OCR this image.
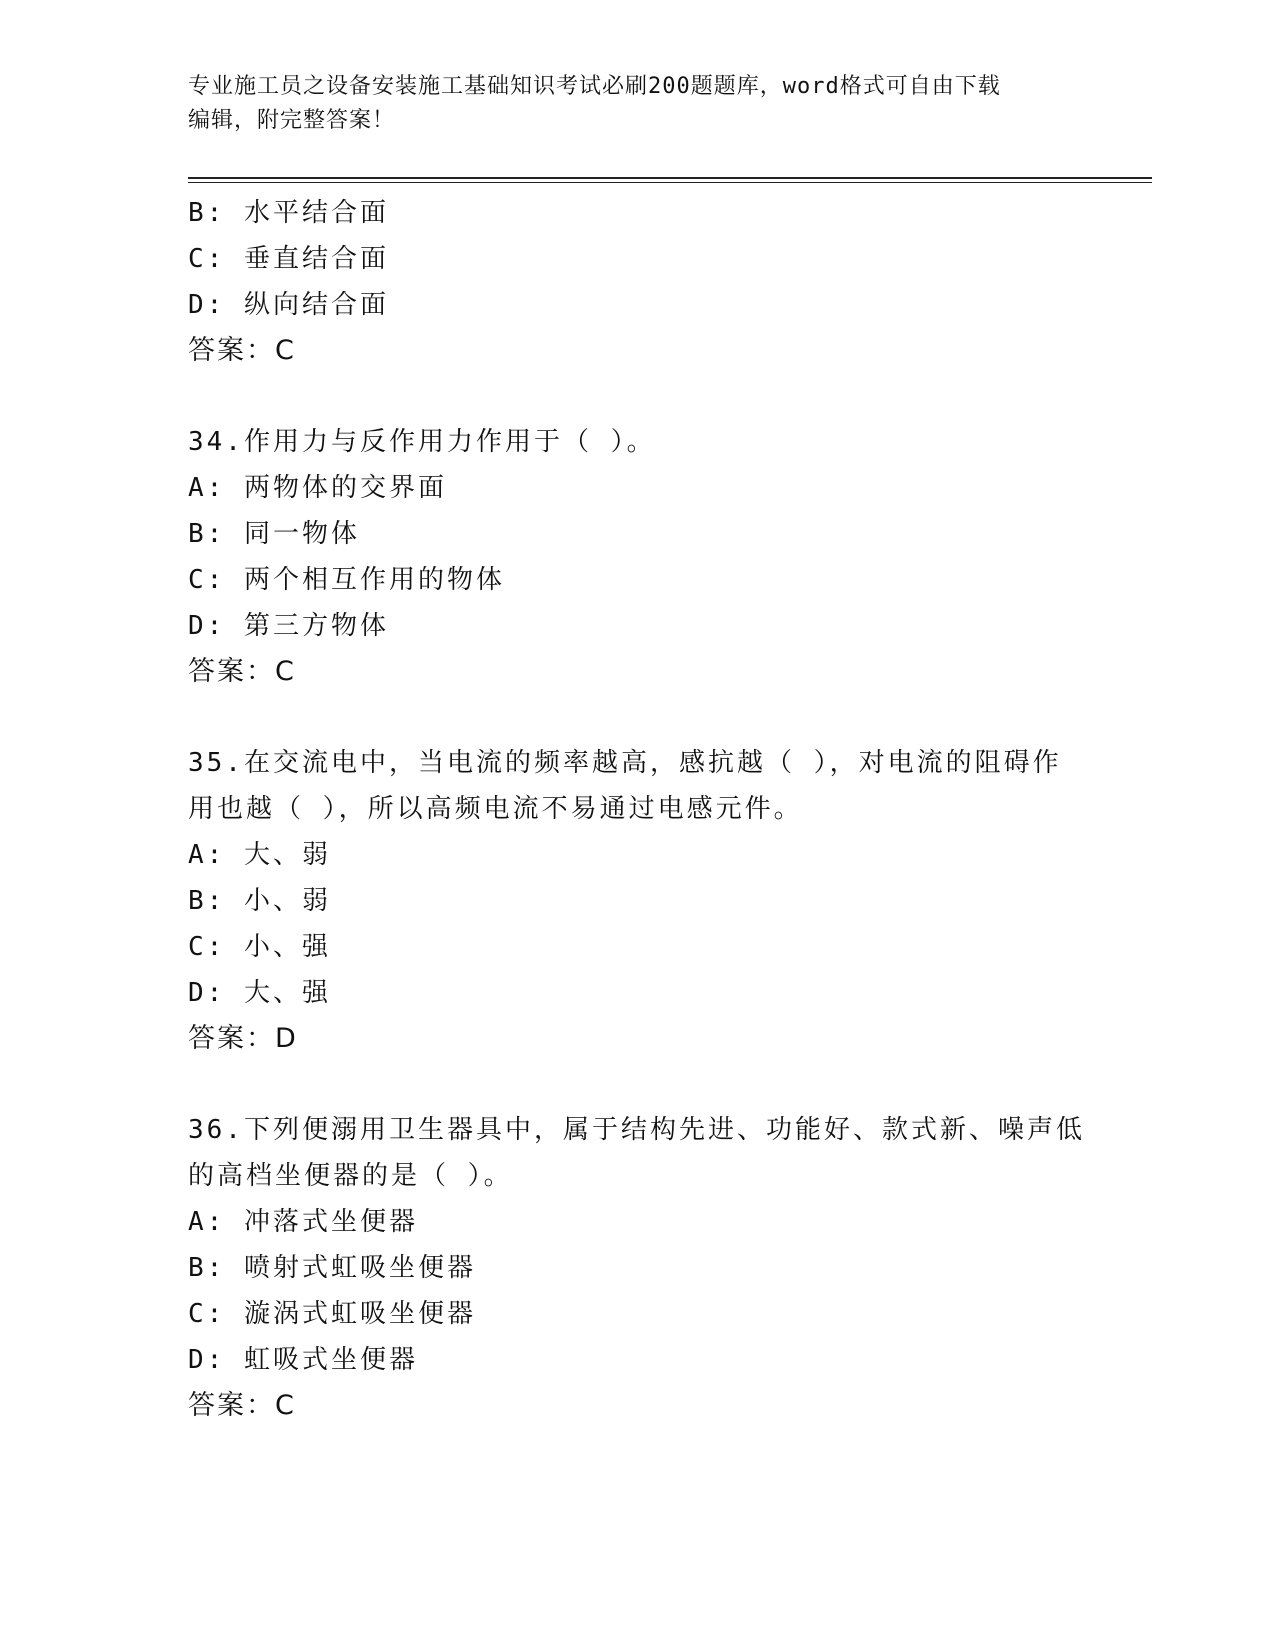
专业施工员之设备安装施工基础知识考试必刷200题题库，word格式可自由下载
编辑，附完整答案！
B: 水平结合面
C: 垂直结合面
D: 纵向结合面
答案：C
34.作用力与反作用力作用于（ ）。
A: 两物体的交界面
B: 同一物体
C: 两个相互作用的物体
D: 第三方物体
答案：C
35.在交流电中，当电流的频率越高，感抗越（ ），对电流的阻碍作
用也越（ ），所以高频电流不易通过电感元件。
A: 大、弱
B: 小、弱
C: 小、强
D: 大、强
答案：D
36.下列便溺用卫生器具中，属于结构先进、功能好、款式新、噪声低
的高档坐便器的是（ ）。
A: 冲落式坐便器
B: 喷射式虹吸坐便器
C: 漩涡式虹吸坐便器
D: 虹吸式坐便器
答案：C
